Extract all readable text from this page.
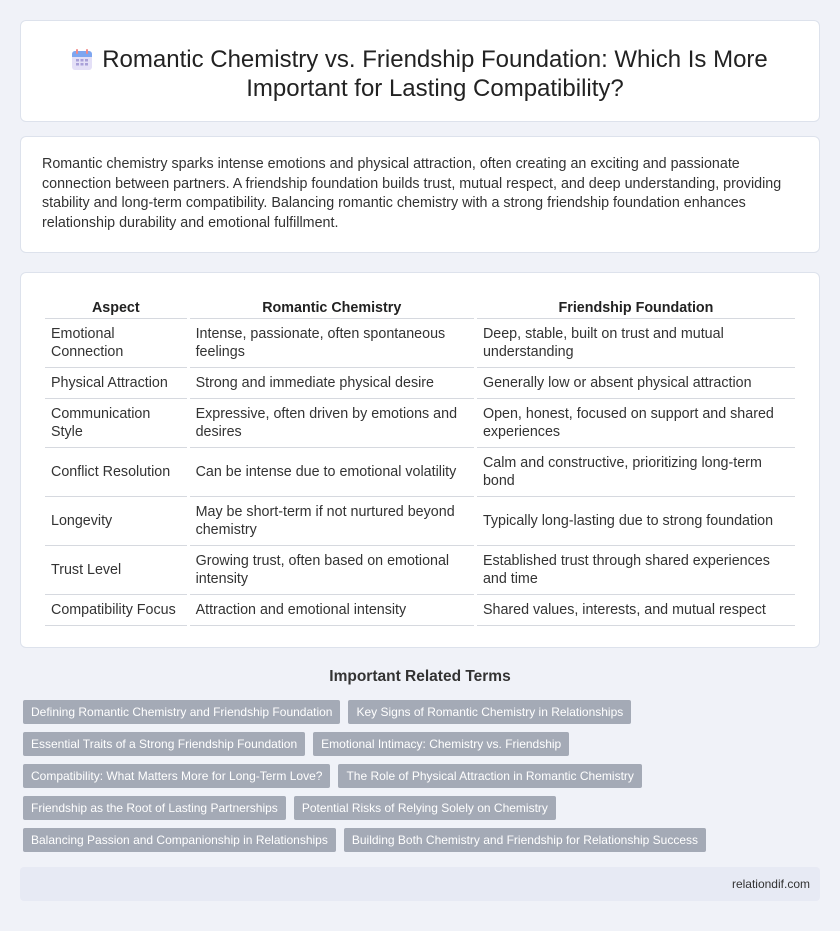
Romantic Chemistry vs. Friendship Foundation: Which Is More Important for Lasting Compatibility?

Romantic chemistry sparks intense emotions and physical attraction, often creating an exciting and passionate connection between partners. A friendship foundation builds trust, mutual respect, and deep understanding, providing stability and long-term compatibility. Balancing romantic chemistry with a strong friendship foundation enhances relationship durability and emotional fulfillment.

Aspect	Romantic Chemistry	Friendship Foundation
Emotional Connection	Intense, passionate, often spontaneous feelings	Deep, stable, built on trust and mutual understanding
Physical Attraction	Strong and immediate physical desire	Generally low or absent physical attraction
Communication Style	Expressive, often driven by emotions and desires	Open, honest, focused on support and shared experiences
Conflict Resolution	Can be intense due to emotional volatility	Calm and constructive, prioritizing long-term bond
Longevity	May be short-term if not nurtured beyond chemistry	Typically long-lasting due to strong foundation
Trust Level	Growing trust, often based on emotional intensity	Established trust through shared experiences and time
Compatibility Focus	Attraction and emotional intensity	Shared values, interests, and mutual respect
Important Related Terms
Defining Romantic Chemistry and Friendship Foundation	Key Signs of Romantic Chemistry in Relationships
Essential Traits of a Strong Friendship Foundation	Emotional Intimacy: Chemistry vs. Friendship
Compatibility: What Matters More for Long-Term Love?	The Role of Physical Attraction in Romantic Chemistry
Friendship as the Root of Lasting Partnerships	Potential Risks of Relying Solely on Chemistry
Balancing Passion and Companionship in Relationships	Building Both Chemistry and Friendship for Relationship Success
relationdif.com
